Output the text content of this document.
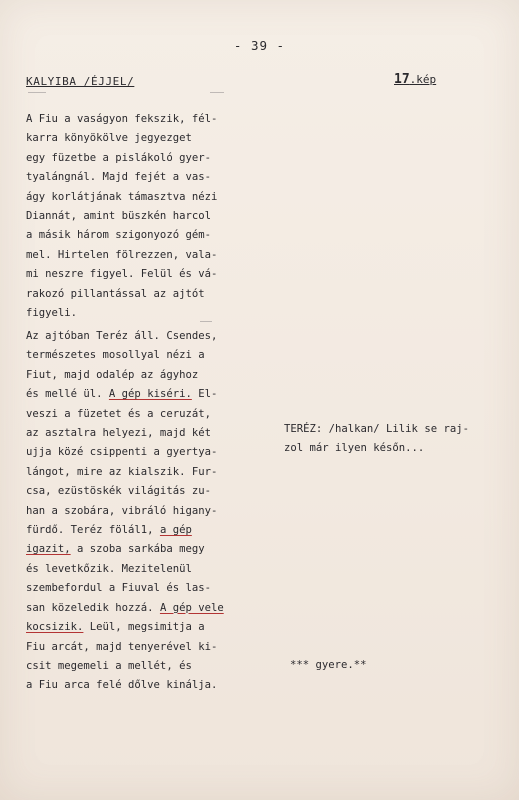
- 39 -
KALYIBA /ÉJJEL/	17.kép
A Fiu a vaságyon fekszik, fél-
karra könyökölve jegyezget
egy füzetbe a pislákoló gyer-
tyalángnál. Majd fejét a vas-
ágy korlátjának támasztva nézi
Diannát, amint büszkén harcol
a másik három szigonyozó gém-
mel. Hirtelen fölrezzen, vala-
mi neszre figyel. Felül és vá-
rakozó pillantással az ajtót
figyeli.
Az ajtóban Teréz áll. Csendes,
természetes mosollyal nézi a
Fiut, majd odalép az ágyhoz
és mellé ül. A gép kiséri. El-
veszi a füzetet és a ceruzát,
az asztalra helyezi, majd két
ujja közé csippenti a gyertya-
lángot, mire az kialszik. Fur-
csa, ezüstöskék világitás zu-
han a szobára, vibráló higany-
fürdő. Teréz fölál1, a gép
igazit, a szoba sarkába megy
és levetkőzik. Mezitelenül
szembefordul a Fiuval és las-
san közeledik hozzá. A gép vele
kocsizik. Leül, megsimitja a
Fiu arcát, majd tenyerével ki-
csit megemeli a mellét, és
a Fiu arca felé dőlve kinálja.
TERÉZ: /halkan/ Lilik se raj-
zol már ilyen későn...
*** gyere.**
